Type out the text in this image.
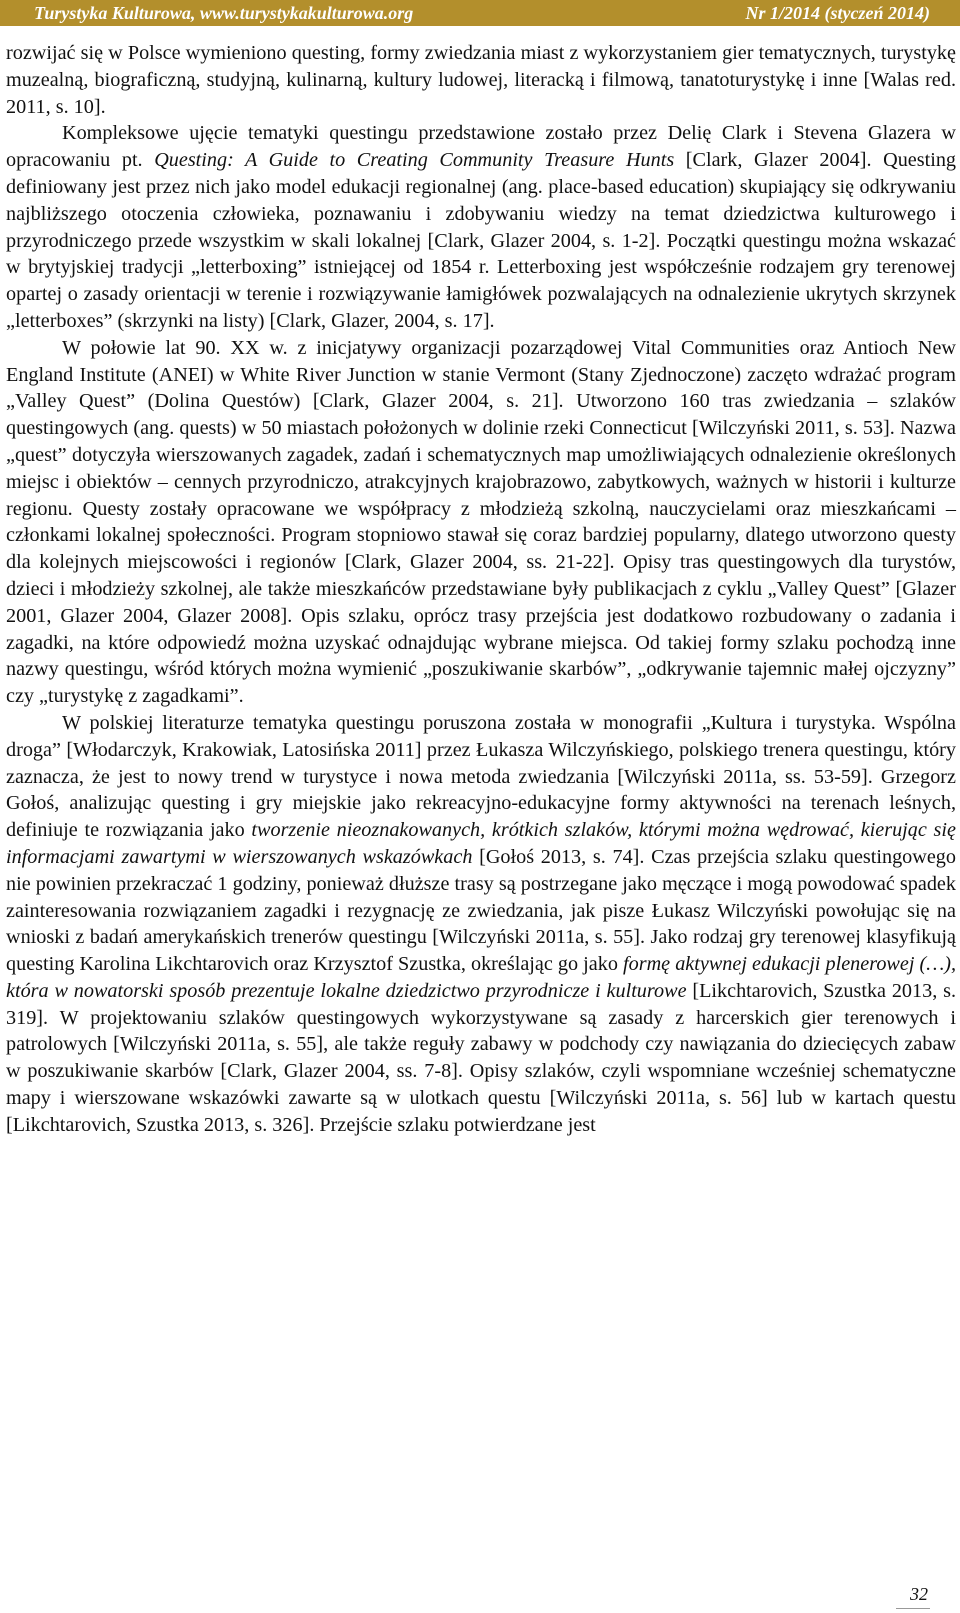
Turystyka Kulturowa, www.turystykakulturowa.org	Nr 1/2014 (styczeń 2014)

rozwijać się w Polsce wymieniono questing, formy zwiedzania miast z wykorzystaniem gier tematycznych, turystykę muzealną, biograficzną, studyjną, kulinarną, kultury ludowej, literacką i filmową, tanatoturystykę i inne [Walas red. 2011, s. 10].

Kompleksowe ujęcie tematyki questingu przedstawione zostało przez Delię Clark i Stevena Glazera w opracowaniu pt. Questing: A Guide to Creating Community Treasure Hunts [Clark, Glazer 2004]. Questing definiowany jest przez nich jako model edukacji regionalnej (ang. place-based education) skupiający się odkrywaniu najbliższego otoczenia człowieka, poznawaniu i zdobywaniu wiedzy na temat dziedzictwa kulturowego i przyrodniczego przede wszystkim w skali lokalnej [Clark, Glazer 2004, s. 1-2]. Początki questingu można wskazać w brytyjskiej tradycji „letterboxing” istniejącej od 1854 r. Letterboxing jest współcześnie rodzajem gry terenowej opartej o zasady orientacji w terenie i rozwiązywanie łamigłówek pozwalających na odnalezienie ukrytych skrzynek „letterboxes” (skrzynki na listy) [Clark, Glazer, 2004, s. 17].

W połowie lat 90. XX w. z inicjatywy organizacji pozarządowej Vital Communities oraz Antioch New England Institute (ANEI) w White River Junction w stanie Vermont (Stany Zjednoczone) zaczęto wdrażać program „Valley Quest” (Dolina Questów) [Clark, Glazer 2004, s. 21]. Utworzono 160 tras zwiedzania – szlaków questingowych (ang. quests) w 50 miastach położonych w dolinie rzeki Connecticut [Wilczyński 2011, s. 53]. Nazwa „quest” dotyczyła wierszowanych zagadek, zadań i schematycznych map umożliwiających odnalezienie określonych miejsc i obiektów – cennych przyrodniczo, atrakcyjnych krajobrazowo, zabytkowych, ważnych w historii i kulturze regionu. Questy zostały opracowane we współpracy z młodzieżą szkolną, nauczycielami oraz mieszkańcami – członkami lokalnej społeczności. Program stopniowo stawał się coraz bardziej popularny, dlatego utworzono questy dla kolejnych miejscowości i regionów [Clark, Glazer 2004, ss. 21-22]. Opisy tras questingowych dla turystów, dzieci i młodzieży szkolnej, ale także mieszkańców przedstawiane były publikacjach z cyklu „Valley Quest” [Glazer 2001, Glazer 2004, Glazer 2008]. Opis szlaku, oprócz trasy przejścia jest dodatkowo rozbudowany o zadania i zagadki, na które odpowiedź można uzyskać odnajdując wybrane miejsca. Od takiej formy szlaku pochodzą inne nazwy questingu, wśród których można wymienić „poszukiwanie skarbów”, „odkrywanie tajemnic małej ojczyzny” czy „turystykę z zagadkami”.

W polskiej literaturze tematyka questingu poruszona została w monografii „Kultura i turystyka. Wspólna droga” [Włodarczyk, Krakowiak, Latosińska 2011] przez Łukasza Wilczyńskiego, polskiego trenera questingu, który zaznacza, że jest to nowy trend w turystyce i nowa metoda zwiedzania [Wilczyński 2011a, ss. 53-59]. Grzegorz Gołoś, analizując questing i gry miejskie jako rekreacyjno-edukacyjne formy aktywności na terenach leśnych, definiuje te rozwiązania jako tworzenie nieoznakowanych, krótkich szlaków, którymi można wędrować, kierując się informacjami zawartymi w wierszowanych wskazówkach [Gołoś 2013, s. 74]. Czas przejścia szlaku questingowego nie powinien przekraczać 1 godziny, ponieważ dłuższe trasy są postrzegane jako męczące i mogą powodować spadek zainteresowania rozwiązaniem zagadki i rezygnację ze zwiedzania, jak pisze Łukasz Wilczyński powołując się na wnioski z badań amerykańskich trenerów questingu [Wilczyński 2011a, s. 55]. Jako rodzaj gry terenowej klasyfikują questing Karolina Likchtarovich oraz Krzysztof Szustka, określając go jako formę aktywnej edukacji plenerowej (…), która w nowatorski sposób prezentuje lokalne dziedzictwo przyrodnicze i kulturowe [Likchtarovich, Szustka 2013, s. 319]. W projektowaniu szlaków questingowych wykorzystywane są zasady z harcerskich gier terenowych i patrolowych [Wilczyński 2011a, s. 55], ale także reguły zabawy w podchody czy nawiązania do dziecięcych zabaw w poszukiwanie skarbów [Clark, Glazer 2004, ss. 7-8]. Opisy szlaków, czyli wspomniane wcześniej schematyczne mapy i wierszowane wskazówki zawarte są w ulotkach questu [Wilczyński 2011a, s. 56] lub w kartach questu [Likchtarovich, Szustka 2013, s. 326]. Przejście szlaku potwierdzane jest

32
